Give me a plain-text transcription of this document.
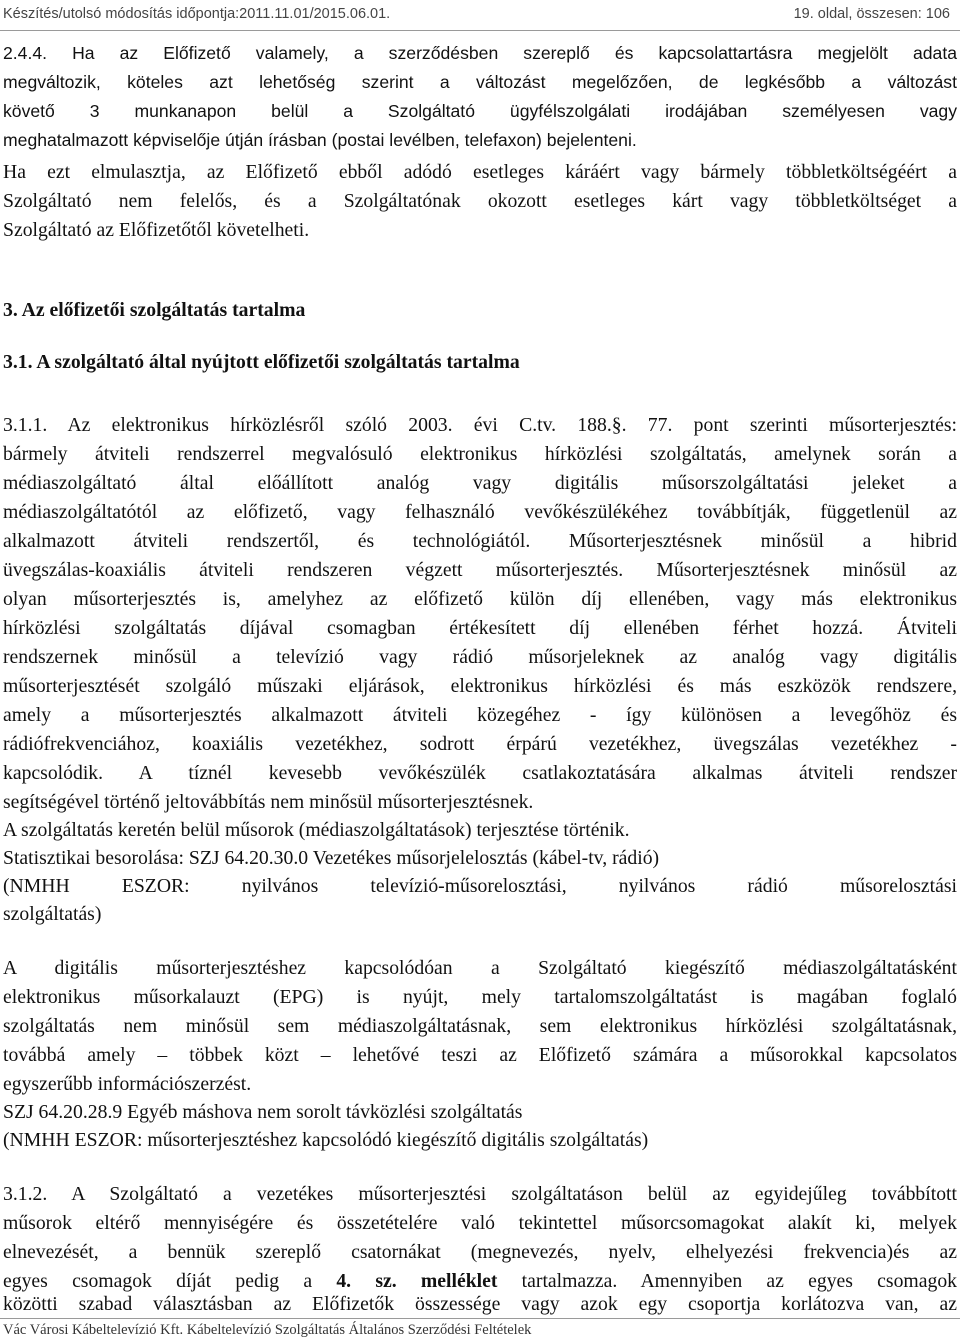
Készítés/utolsó módosítás időpontja:2011.11.01/2015.06.01.	19. oldal, összesen: 106
2.4.4. Ha az Előfizető valamely, a szerződésben szereplő és kapcsolattartásra megjelölt adata
megváltozik, köteles azt lehetőség szerint a változást megelőzően, de legkésőbb a változást
követő 3 munkanapon belül a Szolgáltató ügyfélszolgálati irodájában személyesen vagy
meghatalmazott képviselője útján írásban (postai levélben, telefaxon) bejelenteni.
Ha ezt elmulasztja, az Előfizető ebből adódó esetleges káráért vagy bármely többletköltségéért a
Szolgáltató nem felelős, és a Szolgáltatónak okozott esetleges kárt vagy többletköltséget a
Szolgáltató az Előfizetőtől követelheti.
3. Az előfizetői szolgáltatás tartalma
3.1. A szolgáltató által nyújtott előfizetői szolgáltatás tartalma
3.1.1. Az elektronikus hírközlésről szóló 2003. évi C.tv. 188.§. 77. pont szerinti műsorterjesztés:
bármely átviteli rendszerrel megvalósuló elektronikus hírközlési szolgáltatás, amelynek során a
médiaszolgáltató által előállított analóg vagy digitális műsorszolgáltatási jeleket a
médiaszolgáltatótól az előfizető, vagy felhasználó vevőkészülékéhez továbbítják, függetlenül az
alkalmazott átviteli rendszertől, és technológiától. Műsorterjesztésnek minősül a hibrid
üvegszálas-koaxiális átviteli rendszeren végzett műsorterjesztés. Műsorterjesztésnek minősül az
olyan műsorterjesztés is, amelyhez az előfizető külön díj ellenében, vagy más elektronikus
hírközlési szolgáltatás díjával csomagban értékesített díj ellenében férhet hozzá. Átviteli
rendszernek minősül a televízió vagy rádió műsorjeleknek az analóg vagy digitális
műsorterjesztését szolgáló műszaki eljárások, elektronikus hírközlési és más eszközök rendszere,
amely a műsorterjesztés alkalmazott átviteli közegéhez - így különösen a levegőhöz és
rádiófrekvenciához, koaxiális vezetékhez, sodrott érpárú vezetékhez, üvegszálas vezetékhez -
kapcsolódik. A tíznél kevesebb vevőkészülék csatlakoztatására alkalmas átviteli rendszer
segítségével történő jeltovábbítás nem minősül műsorterjesztésnek.
A szolgáltatás keretén belül műsorok (médiaszolgáltatások) terjesztése történik.
Statisztikai besorolása: SZJ 64.20.30.0 Vezetékes műsorjelelosztás (kábel-tv, rádió)
(NMHH ESZOR: nyilvános televízió-műsorelosztási, nyilvános rádió műsorelosztási
szolgáltatás)
A digitális műsorterjesztéshez kapcsolódóan a Szolgáltató kiegészítő médiaszolgáltatásként
elektronikus műsorkalauzt (EPG) is nyújt, mely tartalomszolgáltatást is magában foglaló
szolgáltatás nem minősül sem médiaszolgáltatásnak, sem elektronikus hírközlési szolgáltatásnak,
továbbá amely – többek közt – lehetővé teszi az Előfizető számára a műsorokkal kapcsolatos
egyszerűbb információszerzést.
SZJ 64.20.28.9 Egyéb máshova nem sorolt távközlési szolgáltatás
(NMHH ESZOR: műsorterjesztéshez kapcsolódó kiegészítő digitális szolgáltatás)
3.1.2. A Szolgáltató a vezetékes műsorterjesztési szolgáltatáson belül az egyidejűleg továbbított
műsorok eltérő mennyiségére és összetételére való tekintettel műsorcsomagokat alakít ki, melyek
elnevezését, a bennük szereplő csatornákat (megnevezés, nyelv, elhelyezési frekvencia)és az
egyes csomagok díját pedig a 4. sz. melléklet tartalmazza. Amennyiben az egyes csomagok
közötti szabad választásban az Előfizetők összessége vagy azok egy csoportja korlátozva van, az
Vác Városi Kábeltelevízió Kft. Kábeltelevízió Szolgáltatás Általános Szerződési Feltételek
